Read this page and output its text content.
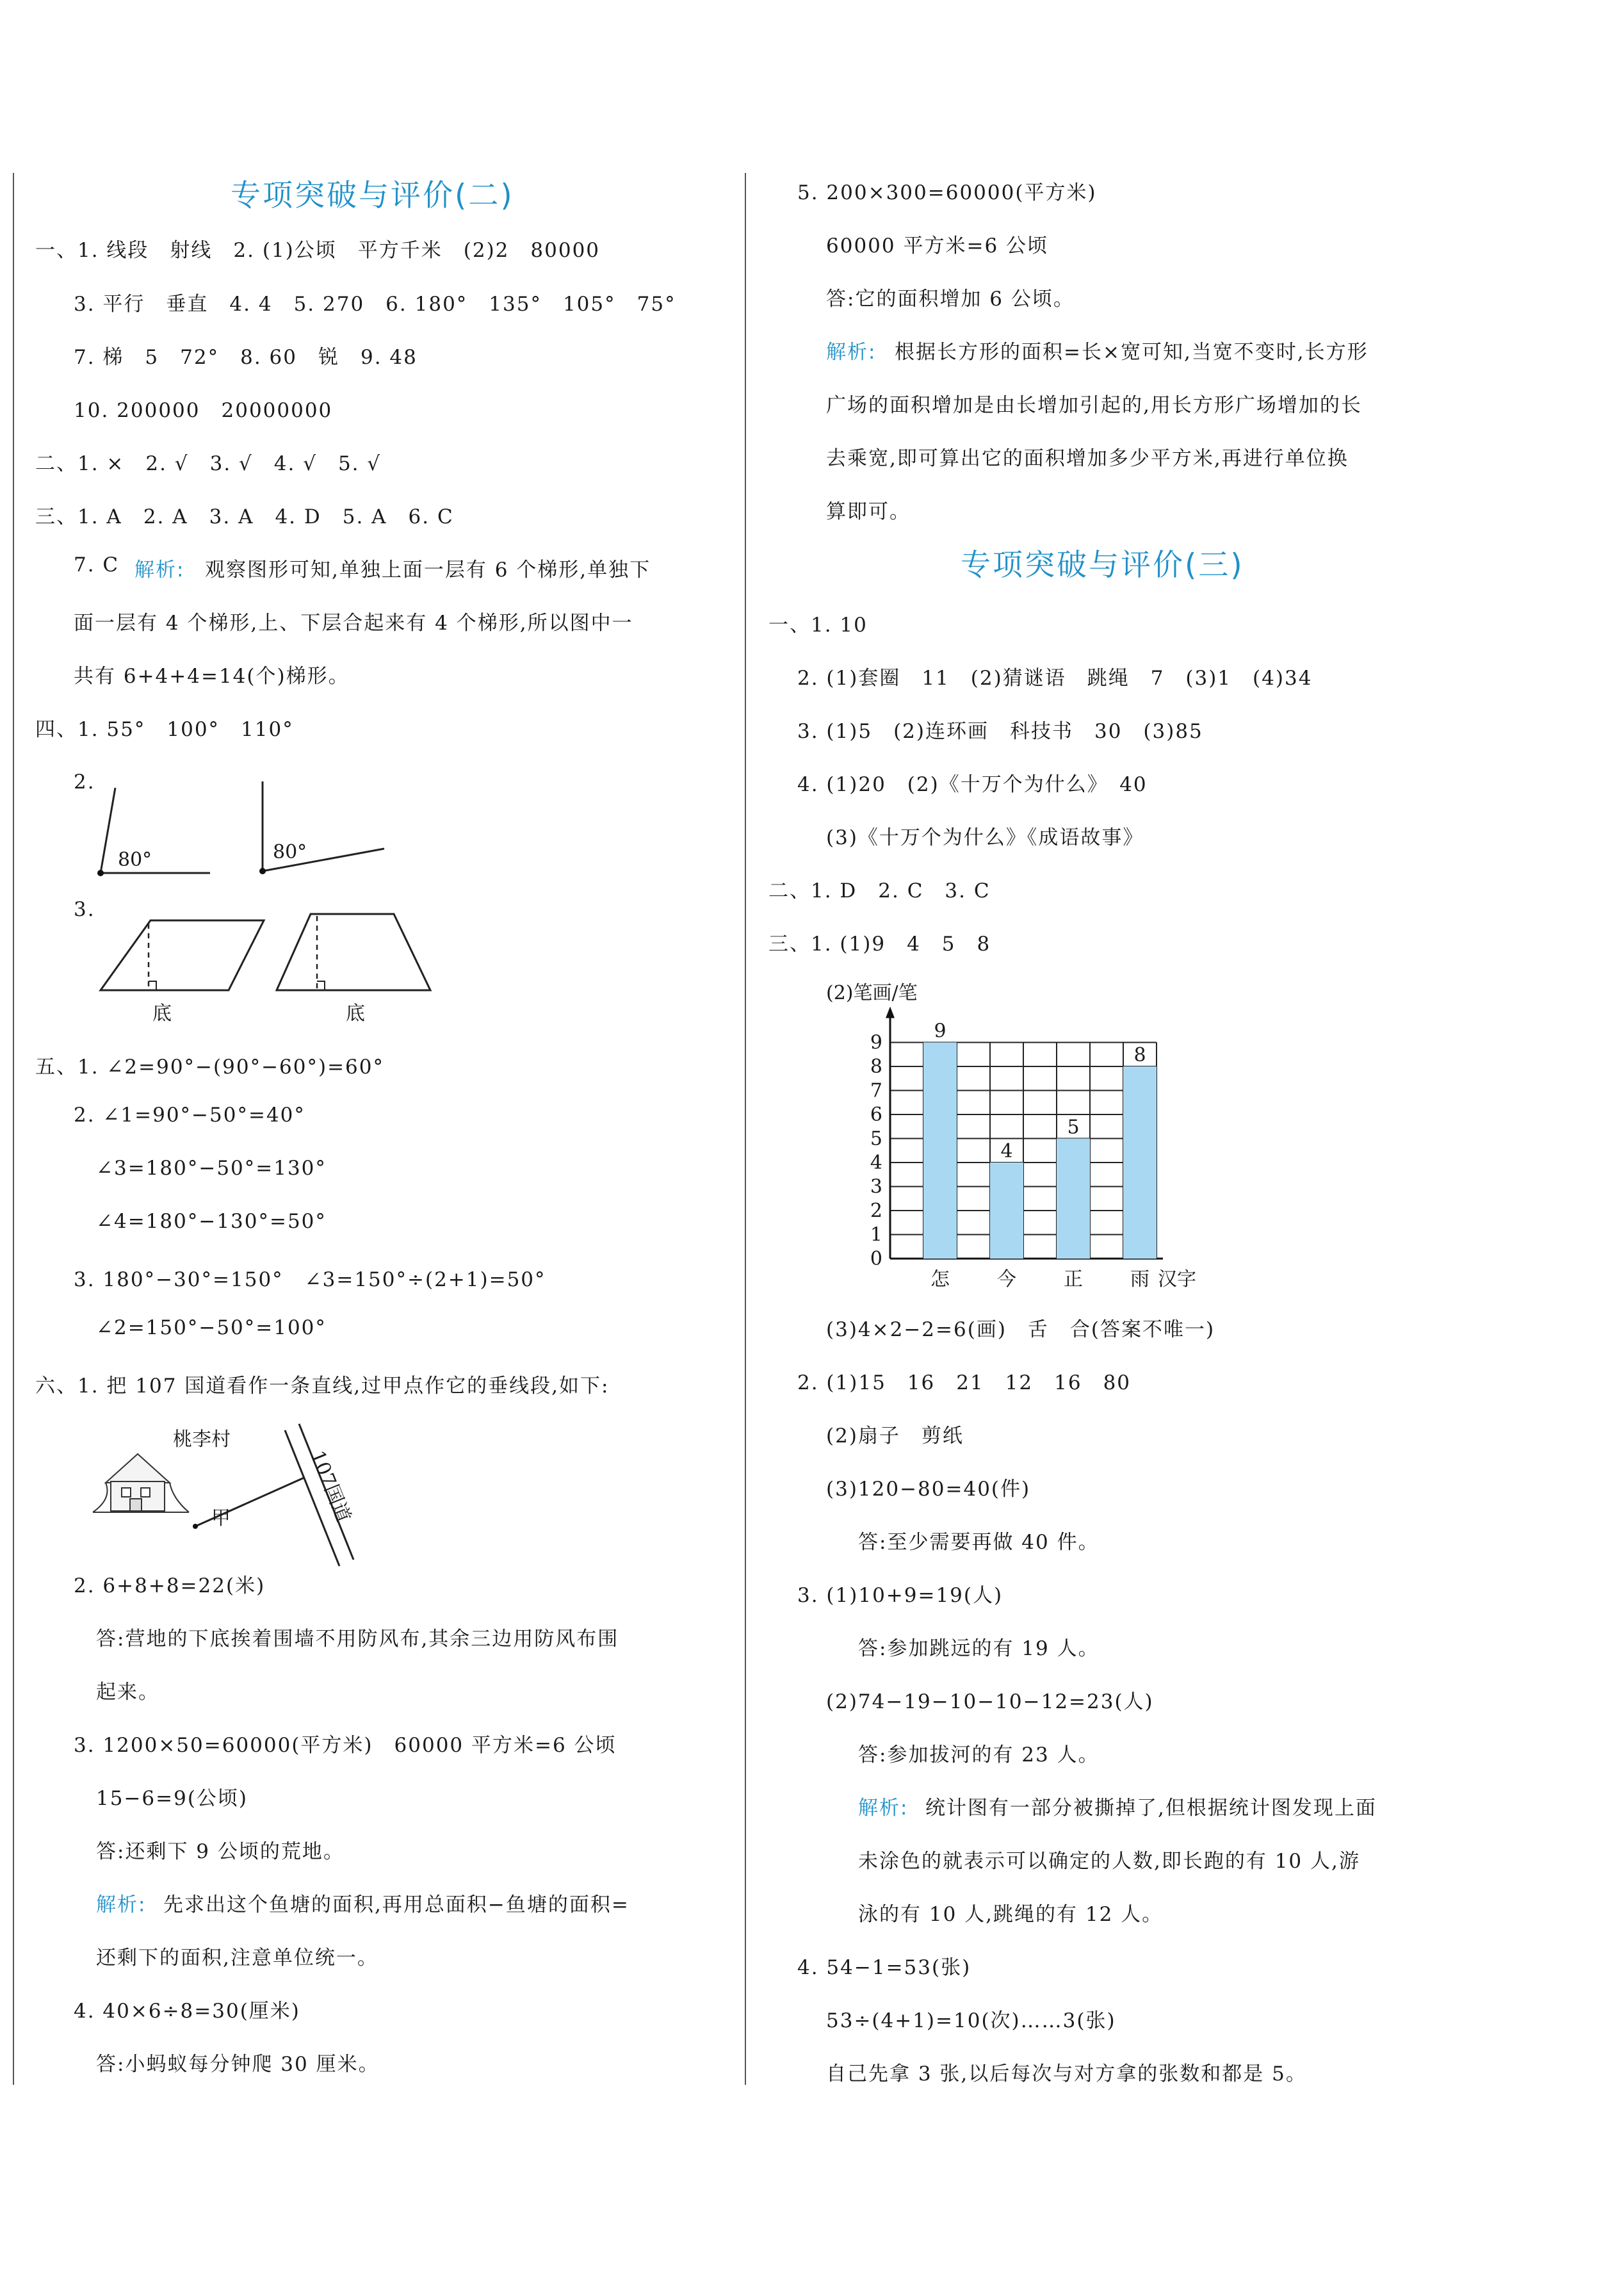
专项突破与评价(二)
一、1. 线段　射线　2. (1)公顷　平方千米　(2)2　80000
3. 平行　垂直　4. 4　5. 270　6. 180°　135°　105°　75°
7. 梯　5　72°　8. 60　锐　9. 48
10. 200000　20000000
二、1. ×　2. √　3. √　4. √　5. √
三、1. A　2. A　3. A　4. D　5. A　6. C
7. C 解析: 观察图形可知,单独上面一层有 6 个梯形,单独下
面一层有 4 个梯形,上、下层合起来有 4 个梯形,所以图中一
共有 6+4+4=14(个)梯形。
四、1. 55°　100°　110°
2.
80°	80°
3.
底	底
五、1. ∠2=90°−(90°−60°)=60°
2. ∠1=90°−50°=40°
∠3=180°−50°=130°
∠4=180°−130°=50°
3. 180°−30°=150°　∠3=150°÷(2+1)=50°
∠2=150°−50°=100°
六、1. 把 107 国道看作一条直线,过甲点作它的垂线段,如下:
桃李村
107国道
甲
2. 6+8+8=22(米)
答:营地的下底挨着围墙不用防风布,其余三边用防风布围
起来。
3. 1200×50=60000(平方米)　60000 平方米=6 公顷
15−6=9(公顷)
答:还剩下 9 公顷的荒地。
解析: 先求出这个鱼塘的面积,再用总面积−鱼塘的面积=
还剩下的面积,注意单位统一。
4. 40×6÷8=30(厘米)
答:小蚂蚁每分钟爬 30 厘米。
5. 200×300=60000(平方米)
60000 平方米=6 公顷
答:它的面积增加 6 公顷。
解析: 根据长方形的面积=长×宽可知,当宽不变时,长方形
广场的面积增加是由长增加引起的,用长方形广场增加的长
去乘宽,即可算出它的面积增加多少平方米,再进行单位换
算即可。
专项突破与评价(三)
一、1. 10
2. (1)套圈　11　(2)猜谜语　跳绳　7　(3)1　(4)34
3. (1)5　(2)连环画　科技书　30　(3)85
4. (1)20　(2)《十万个为什么》　40
(3)《十万个为什么》《成语故事》
二、1. D　2. C　3. C
三、1. (1)9　4　5　8
(2)笔画/笔
9
怎
4
今
5
正
8
雨
0
1
2
3
4
5
6
7
8
9
汉字
(3)4×2−2=6(画)　舌　合(答案不唯一)
2. (1)15　16　21　12　16　80
(2)扇子　剪纸
(3)120−80=40(件)
答:至少需要再做 40 件。
3. (1)10+9=19(人)
答:参加跳远的有 19 人。
(2)74−19−10−10−12=23(人)
答:参加拔河的有 23 人。
解析: 统计图有一部分被撕掉了,但根据统计图发现上面
未涂色的就表示可以确定的人数,即长跑的有 10 人,游
泳的有 10 人,跳绳的有 12 人。
4. 54−1=53(张)
53÷(4+1)=10(次)……3(张)
自己先拿 3 张,以后每次与对方拿的张数和都是 5。
